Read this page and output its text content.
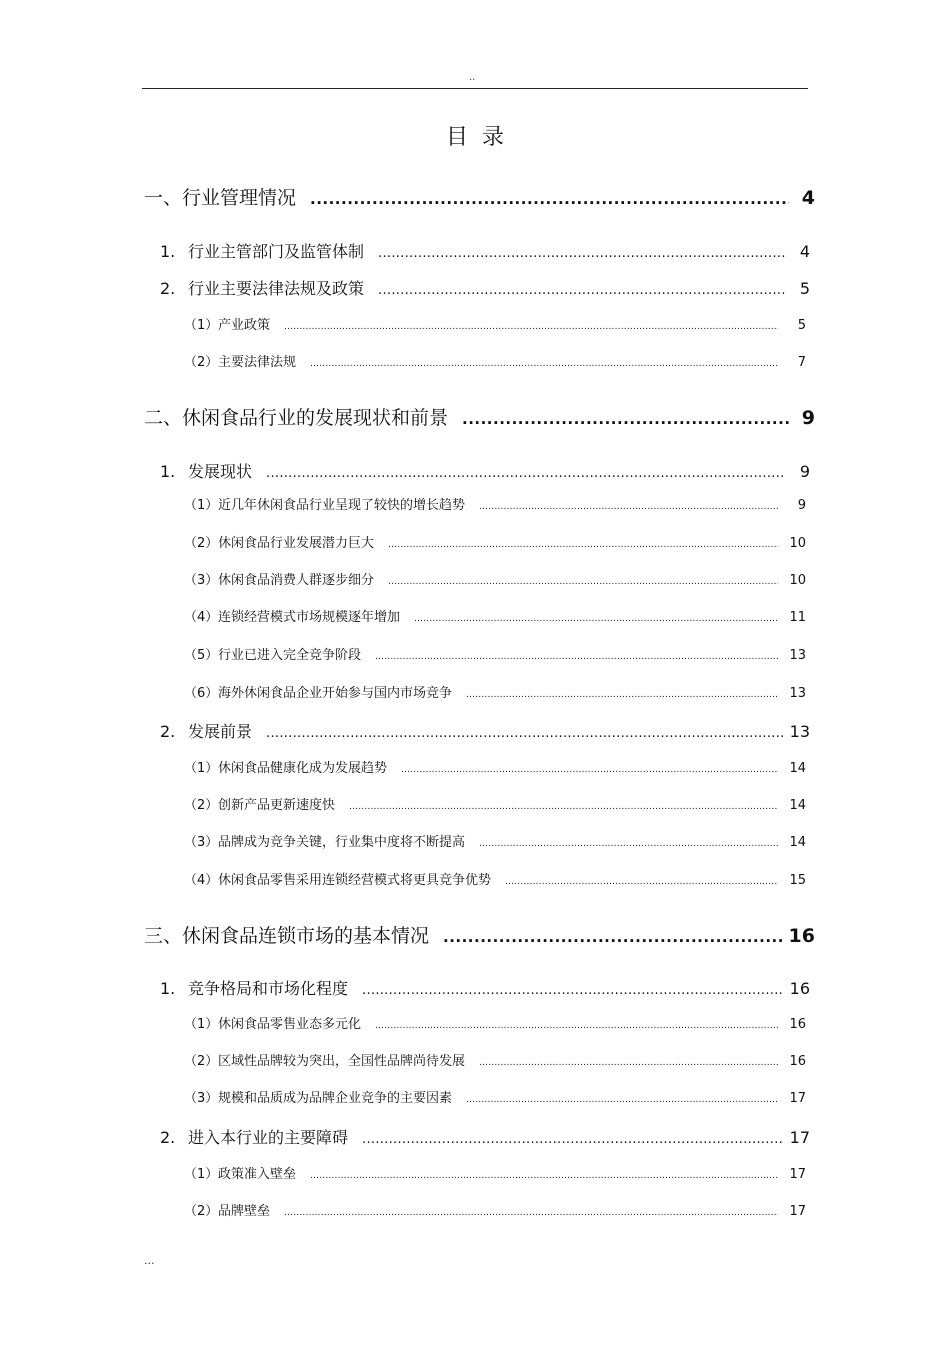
..
目录
一、行业管理情况 .....	4
1. 行业主管部门及监管体制 .....	4
2. 行业主要法律法规及政策 .....	5
（1） 产业政策 .....	5
（2） 主要法律法规 .....	7
二、休闲食品行业的发展现状和前景 .....	9
1. 发展现状 .....	9
（1） 近几年休闲食品行业呈现了较快的增长趋势 .....	9
（2） 休闲食品行业发展潜力巨大 .....	10
（3） 休闲食品消费人群逐步细分 .....	10
（4） 连锁经营模式市场规模逐年增加 .....	11
（5） 行业已进入完全竞争阶段 .....	13
（6） 海外休闲食品企业开始参与国内市场竞争 .....	13
2. 发展前景 .....	13
（1） 休闲食品健康化成为发展趋势 .....	14
（2） 创新产品更新速度快 .....	14
（3） 品牌成为竞争关键，行业集中度将不断提高 .....	14
（4） 休闲食品零售采用连锁经营模式将更具竞争优势 .....	15
三、休闲食品连锁市场的基本情况 .....	16
1. 竞争格局和市场化程度 .....	16
（1） 休闲食品零售业态多元化 .....	16
（2） 区域性品牌较为突出，全国性品牌尚待发展 .....	16
（3） 规模和品质成为品牌企业竞争的主要因素 .....	17
2. 进入本行业的主要障碍 .....	17
（1） 政策准入壁垒 .....	17
（2） 品牌壁垒 .....	17
...
